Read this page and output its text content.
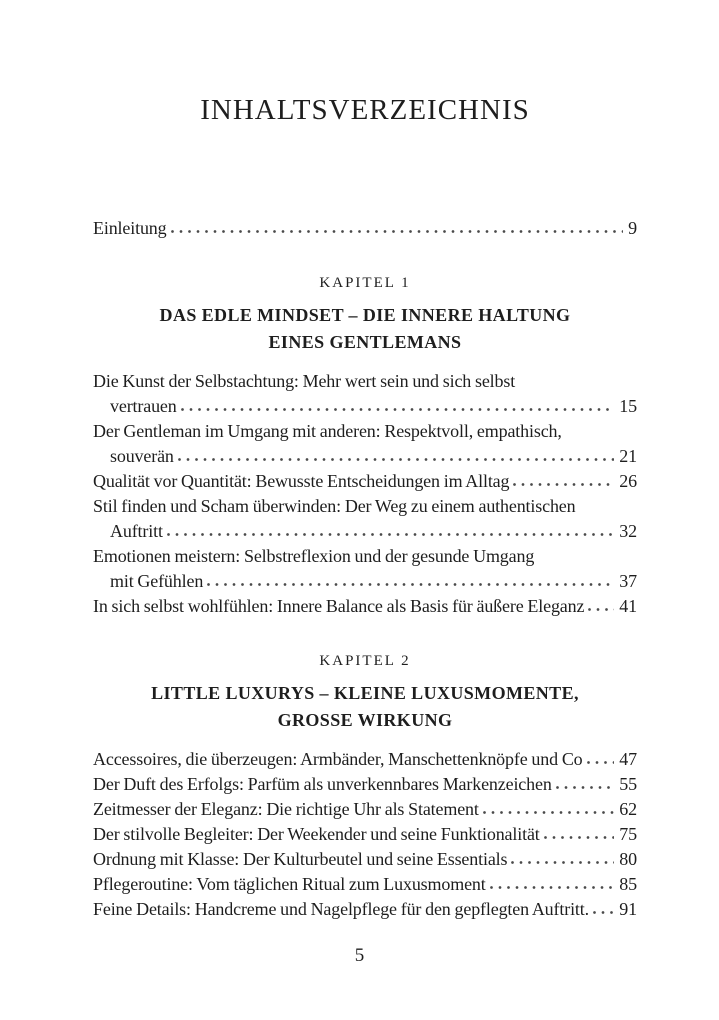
INHALTSVERZEICHNIS
Einleitung	9
KAPITEL 1
DAS EDLE MINDSET – DIE INNERE HALTUNG
EINES GENTLEMANS
Die Kunst der Selbstachtung: Mehr wert sein und sich selbst
vertrauen	15
Der Gentleman im Umgang mit anderen: Respektvoll, empathisch,
souverän	21
Qualität vor Quantität: Bewusste Entscheidungen im Alltag	26
Stil finden und Scham überwinden: Der Weg zu einem authentischen
Auftritt	32
Emotionen meistern: Selbstreflexion und der gesunde Umgang
mit Gefühlen	37
In sich selbst wohlfühlen: Innere Balance als Basis für äußere Eleganz 41
KAPITEL 2
LITTLE LUXURYS – KLEINE LUXUSMOMENTE,
GROSSE WIRKUNG
Accessoires, die überzeugen: Armbänder, Manschettenknöpfe und Co 47
Der Duft des Erfolgs: Parfüm als unverkennbares Markenzeichen	55
Zeitmesser der Eleganz: Die richtige Uhr als Statement	62
Der stilvolle Begleiter: Der Weekender und seine Funktionalität	75
Ordnung mit Klasse: Der Kulturbeutel und seine Essentials	80
Pflegeroutine: Vom täglichen Ritual zum Luxusmoment	85
Feine Details: Handcreme und Nagelpflege für den gepflegten Auftritt. 91
5
